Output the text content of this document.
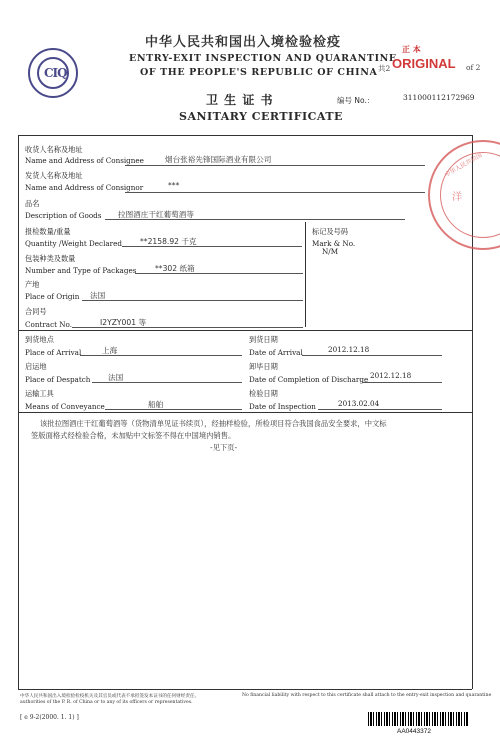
CIQ
中华人民共和国出入境检验检疫
ENTRY-EXIT INSPECTION AND QUARANTINE
OF THE PEOPLE'S REPUBLIC OF CHINA
正 本
共2 ORIGINAL of 2
卫 生 证 书
SANITARY CERTIFICATE
编号 No.：	311000112172969
收货人名称及地址
Name and Address of Consignee	烟台张裕先锋国际酒业有限公司
发货人名称及地址
Name and Address of Consignor	***
品名
Description of Goods 拉图酒庄干红葡萄酒等
报检数量/重量
Quantity /Weight Declared **2158.92 千克
标记及号码
Mark & No.
N/M
包装种类及数量
Number and Type of Packages **302 纸箱
产地
Place of Origin 法国
合同号
Contract No.	I2YZY001 等
到货地点
Place of Arrival	上海
到货日期
Date of Arrival	2012.12.18
启运地
Place of Despatch 法国
卸毕日期
Date of Completion of Discharge 2012.12.18
运输工具
Means of Conveyance	船舶
检验日期
Date of Inspection	2013.02.04
该批拉图酒庄干红葡萄酒等（货物清单见证书续页），经抽样检验，所检项目符合我国食品安全要求，中文标
签版面格式经检验合格，未加贴中文标签不得在中国境内销售。
-见下页-
中华人民共和国
洋
中华人民共和国出入境检验检疫机关及其官员或代表不承担签发本证书的任何财经责任。	No financial liability with respect to this certificate shall attach to the entry-exit inspection and quarantine
authorities of the P. R. of China or to any of its officers or representatives.
[ e 9-2(2000. 1. 1) ]
AA0443372
